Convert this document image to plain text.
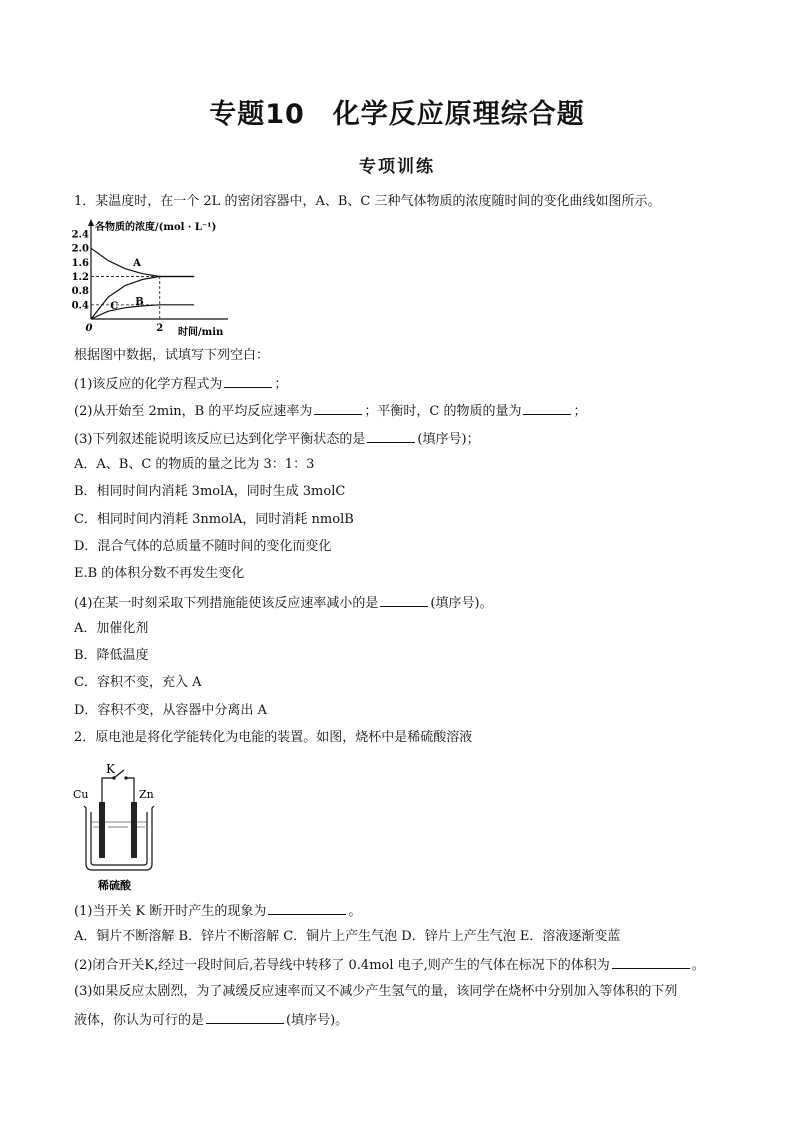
专题10　化学反应原理综合题
专项训练
1．某温度时，在一个 2L 的密闭容器中，A、B、C 三种气体物质的浓度随时间的变化曲线如图所示。
各物质的浓度/(mol · L⁻¹)
时间/min
2.4
2.0
1.6
1.2
0.8
0.4
0	2
A
C B
根据图中数据，试填写下列空白：
(1)该反应的化学方程式为	；
(2)从开始至 2min，B 的平均反应速率为	；平衡时，C 的物质的量为	；
(3)下列叙述能说明该反应已达到化学平衡状态的是	(填序号)；
A．A、B、C 的物质的量之比为 3：1：3
B．相同时间内消耗 3molA，同时生成 3molC
C．相同时间内消耗 3nmolA，同时消耗 nmolB
D．混合气体的总质量不随时间的变化而变化
E.B 的体积分数不再发生变化
(4)在某一时刻采取下列措施能使该反应速率减小的是	(填序号)。
A．加催化剂
B．降低温度
C．容积不变，充入 A
D．容积不变，从容器中分离出 A
2．原电池是将化学能转化为电能的装置。如图，烧杯中是稀硫酸溶液
K
Cu	Zn
稀硫酸
(1)当开关 K 断开时产生的现象为	。
A．铜片不断溶解 B．锌片不断溶解 C．铜片上产生气泡 D．锌片上产生气泡 E．溶液逐渐变蓝
(2)闭合开关K,经过一段时间后,若导线中转移了 0.4mol 电子,则产生的气体在标况下的体积为	。
(3)如果反应太剧烈，为了减缓反应速率而又不减少产生氢气的量，该同学在烧杯中分别加入等体积的下列
液体，你认为可行的是	(填序号)。
